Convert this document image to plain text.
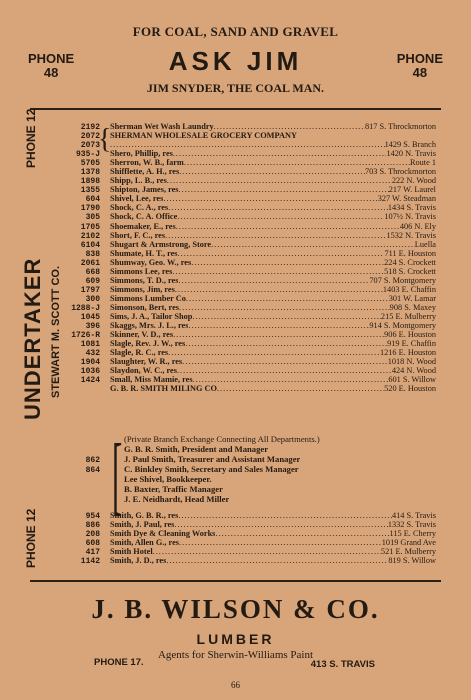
FOR COAL, SAND AND GRAVEL
ASK JIM
JIM SNYDER, THE COAL MAN.
PHONE
48
PHONE
48
PHONE 12
UNDERTAKER STEWART M. SCOTT CO.
PHONE 12
2192	Sherman Wet Wash Laundry .....	817 S. Throckmorton
2072	SHERMAN WHOLESALE GROCERY COMPANY
2073 .....	1429 S. Branch
935-J	Shero, Phillip, res .....	1420 N. Travis
5705	Sherron, W. B., farm .....	Route 1
1378	Shifflette, A. H., res .....	703 S. Throckmorton
1898	Shipp, L. B., res .....	222 N. Wood
1355	Shipton, James, res .....	217 W. Laurel
604	Shivel, Lee, res .....	327 W. Steadman
1790	Shock, C. A., res .....	1434 S. Travis
305	Shock, C. A. Office .....	107½ N. Travis
1705	Shoemaker, E., res .....	406 N. Ely
2102	Short, F. C., res .....	1532 N. Travis
6104	Shugart & Armstrong, Store .....	Luella
838	Shumate, H. T., res .....	711 E. Houston
2061	Shumway, Geo. W., res .....	224 S. Crockett
668	Simmons Lee, res .....	518 S. Crockett
609	Simmons, T. D., res .....	707 S. Montgomery
1797	Simmons, Jim, res .....	1403 E. Chaffin
300	Simmons Lumber Co .....	301 W. Lamar
1288-J	Simonson, Bert, res .....	908 S. Maxey
1045	Sims, J. A., Tailor Shop .....	215 E. Mulberry
396	Skaggs, Mrs. J. L., res .....	914 S. Montgomery
1726-R	Skinner, V. D., res .....	906 E. Houston
1081	Slagle, Rev. J. W., res .....	919 E. Chaffin
432	Slagle, R. C., res .....	1216 E. Houston
1904	Slaughter, W. R., res .....	1018 N. Wood
1036	Slaydon, W. C., res .....	424 N. Wood
1424	Small, Miss Mamie, res .....	601 S. Willow
G. B. R. SMITH MILING CO .....	520 E. Houston
{
[ (Private Branch Exchange Connecting All Departments.)
G. B. R. Smith, President and Manager
862	J. Paul Smith, Treasurer and Assistant Manager
864	C. Binkley Smith, Secretary and Sales Manager
Lee Shivel, Bookkeeper.
B. Baxter, Traffic Manager
J. E. Neidhardt, Head Miller
954	Smith, G. B. R., res .....	414 S. Travis
886	Smith, J. Paul, res .....	1332 S. Travis
208	Smith Dye & Cleaning Works .....	115 E. Cherry
608	Smith, Allen G., res .....	1019 Grand Ave
417	Smith Hotel .....	521 E. Mulberry
1142	Smith, J. D., res .....	819 S. Willow
J. B. WILSON & CO.
LUMBER
Agents for Sherwin-Williams Paint
PHONE 17.	413 S. TRAVIS
66
